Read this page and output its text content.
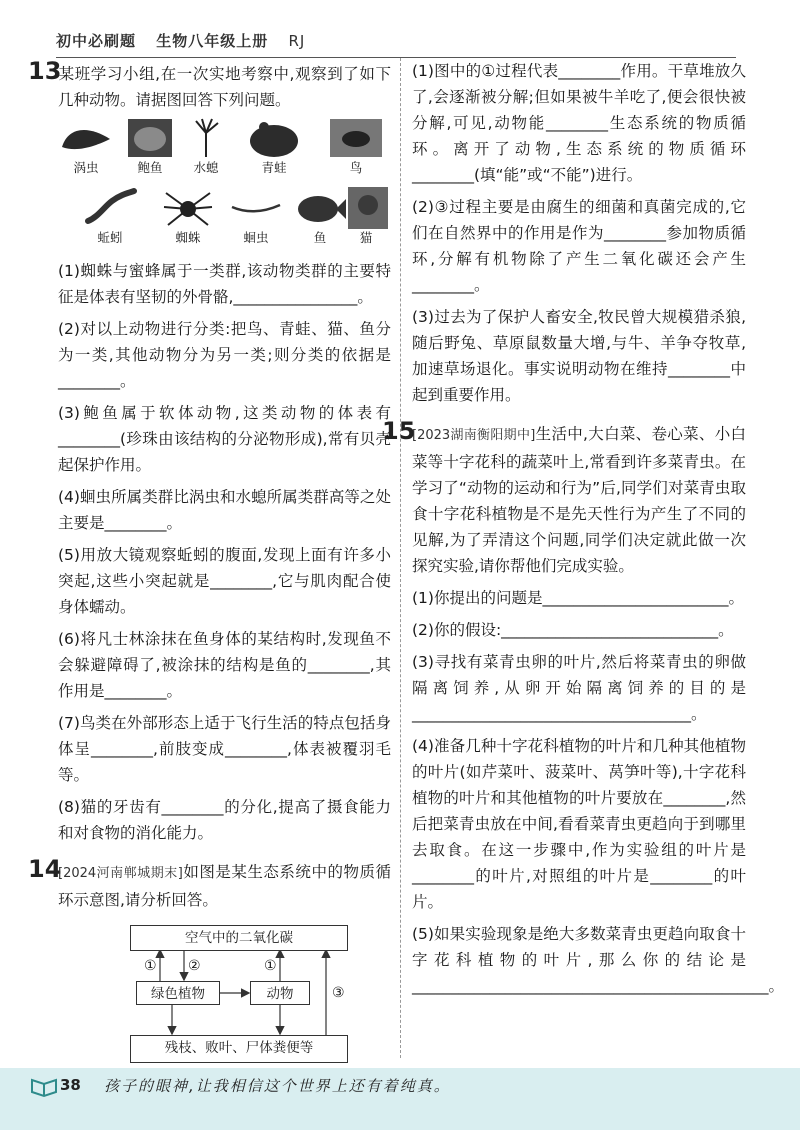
初中必刷题 生物八年级上册 RJ

13某班学习小组,在一次实地考察中,观察到了如下几种动物。请据图回答下列问题。

涡虫	鲍鱼	水螅	青蛙	鸟
蚯蚓	蜘蛛	蛔虫	鱼	猫

(1)蜘蛛与蜜蜂属于一类群,该动物类群的主要特征是体表有坚韧的外骨骼,________________。

(2)对以上动物进行分类:把鸟、青蛙、猫、鱼分为一类,其他动物分为另一类;则分类的依据是________。

(3)鲍鱼属于软体动物,这类动物的体表有________(珍珠由该结构的分泌物形成),常有贝壳起保护作用。

(4)蛔虫所属类群比涡虫和水螅所属类群高等之处主要是________。

(5)用放大镜观察蚯蚓的腹面,发现上面有许多小突起,这些小突起就是________,它与肌肉配合使身体蠕动。

(6)将凡士林涂抹在鱼身体的某结构时,发现鱼不会躲避障碍了,被涂抹的结构是鱼的________,其作用是________。

(7)鸟类在外部形态上适于飞行生活的特点包括身体呈________,前肢变成________,体表被覆羽毛等。

(8)猫的牙齿有________的分化,提高了摄食能力和对食物的消化能力。

14[2024河南郸城期末]如图是某生态系统中的物质循环示意图,请分析回答。

空气中的二氧化碳
绿色植物	动物
残枝、败叶、尸体粪便等
① ②	①
③

(1)图中的①过程代表________作用。干草堆放久了,会逐渐被分解;但如果被牛羊吃了,便会很快被分解,可见,动物能________生态系统的物质循环。离开了动物,生态系统的物质循环________(填“能”或“不能”)进行。

(2)③过程主要是由腐生的细菌和真菌完成的,它们在自然界中的作用是作为________参加物质循环,分解有机物除了产生二氧化碳还会产生________。

(3)过去为了保护人畜安全,牧民曾大规模猎杀狼,随后野兔、草原鼠数量大增,与牛、羊争夺牧草,加速草场退化。事实说明动物在维持________中起到重要作用。

15[2023湖南衡阳期中]生活中,大白菜、卷心菜、小白菜等十字花科的蔬菜叶上,常看到许多菜青虫。在学习了“动物的运动和行为”后,同学们对菜青虫取食十字花科植物是不是先天性行为产生了不同的见解,为了弄清这个问题,同学们决定就此做一次探究实验,请你帮他们完成实验。

(1)你提出的问题是________________________。

(2)你的假设:____________________________。

(3)寻找有菜青虫卵的叶片,然后将菜青虫的卵做隔离饲养,从卵开始隔离饲养的目的是____________________________________。

(4)准备几种十字花科植物的叶片和几种其他植物的叶片(如芹菜叶、菠菜叶、莴笋叶等),十字花科植物的叶片和其他植物的叶片要放在________,然后把菜青虫放在中间,看看菜青虫更趋向于到哪里去取食。在这一步骤中,作为实验组的叶片是________的叶片,对照组的叶片是________的叶片。

(5)如果实验现象是绝大多数菜青虫更趋向取食十字花科植物的叶片,那么你的结论是______________________________________________。

38 孩子的眼神,让我相信这个世界上还有着纯真。
